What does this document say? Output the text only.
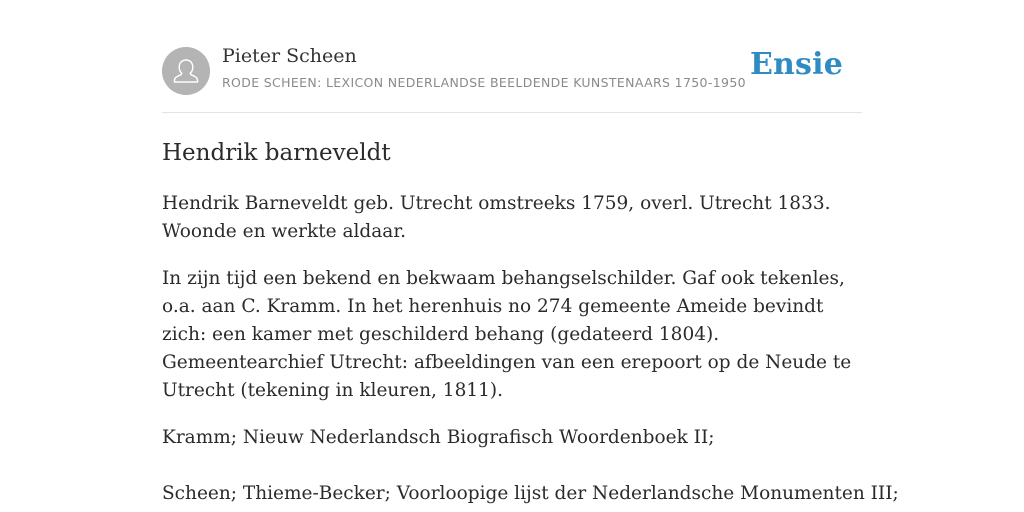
Pieter Scheen
RODE SCHEEN: LEXICON NEDERLANDSE BEELDENDE KUNSTENAARS 1750-1950
Ensie
Hendrik barneveldt

Hendrik Barneveldt geb. Utrecht omstreeks 1759, overl. Utrecht 1833. Woonde en werkte aldaar.

In zijn tijd een bekend en bekwaam behangselschilder. Gaf ook tekenles, o.a. aan C. Kramm. In het herenhuis no 274 gemeente Ameide bevindt zich: een kamer met geschilderd behang (gedateerd 1804). Gemeentearchief Utrecht: afbeeldingen van een erepoort op de Neude te Utrecht (tekening in kleuren, 1811).

Kramm; Nieuw Nederlandsch Biografisch Woordenboek II;

Scheen; Thieme-Becker; Voorloopige lijst der Nederlandsche Monumenten III;
